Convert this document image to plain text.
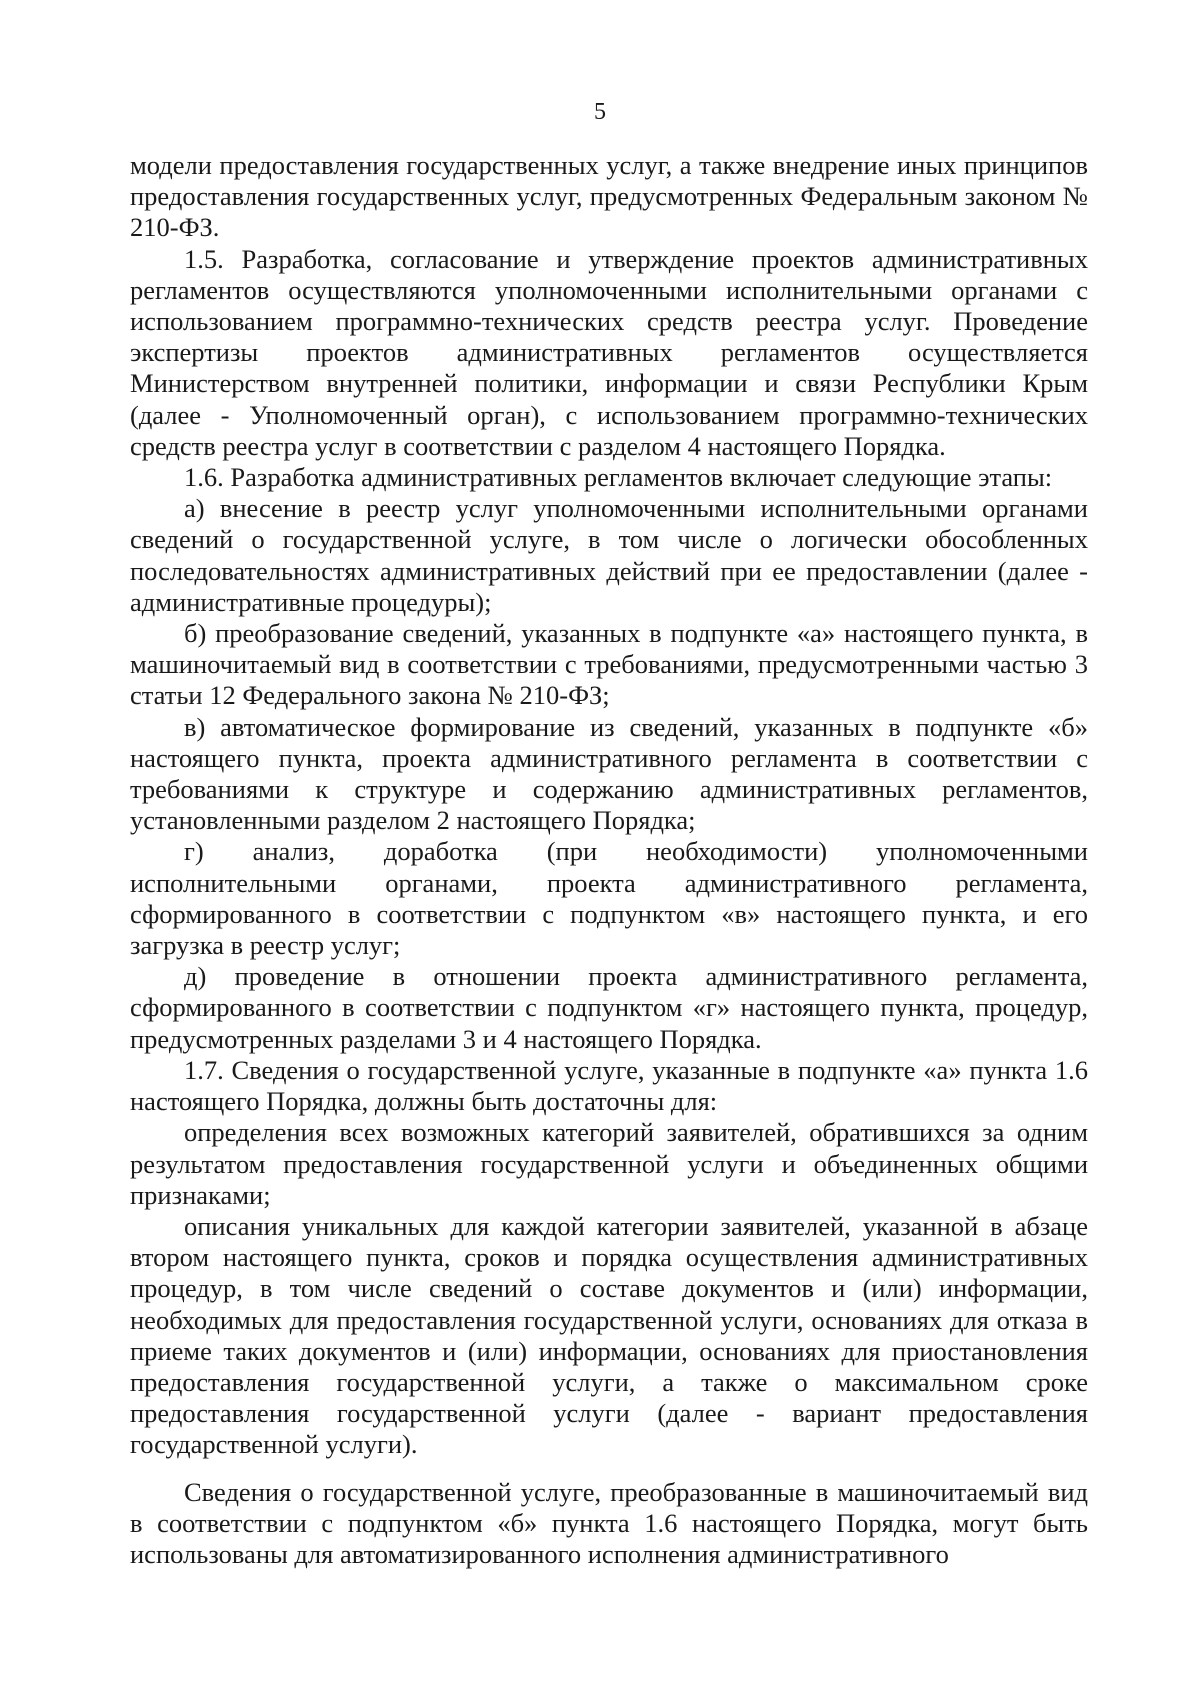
5

модели предоставления государственных услуг, а также внедрение иных принципов предоставления государственных услуг, предусмотренных Федеральным законом № 210-ФЗ.

1.5. Разработка, согласование и утверждение проектов административных регламентов осуществляются уполномоченными исполнительными органами с использованием программно-технических средств реестра услуг. Проведение экспертизы проектов административных регламентов осуществляется Министерством внутренней политики, информации и связи Республики Крым (далее - Уполномоченный орган), с использованием программно-технических средств реестра услуг в соответствии с разделом 4 настоящего Порядка.

1.6. Разработка административных регламентов включает следующие этапы:

а) внесение в реестр услуг уполномоченными исполнительными органами сведений о государственной услуге, в том числе о логически обособленных последовательностях административных действий при ее предоставлении (далее - административные процедуры);

б) преобразование сведений, указанных в подпункте «а» настоящего пункта, в машиночитаемый вид в соответствии с требованиями, предусмотренными частью 3 статьи 12 Федерального закона № 210-ФЗ;

в) автоматическое формирование из сведений, указанных в подпункте «б» настоящего пункта, проекта административного регламента в соответствии с требованиями к структуре и содержанию административных регламентов, установленными разделом 2 настоящего Порядка;

г) анализ, доработка (при необходимости) уполномоченными исполнительными органами, проекта административного регламента, сформированного в соответствии с подпунктом «в» настоящего пункта, и его загрузка в реестр услуг;

д) проведение в отношении проекта административного регламента, сформированного в соответствии с подпунктом «г» настоящего пункта, процедур, предусмотренных разделами 3 и 4 настоящего Порядка.

1.7. Сведения о государственной услуге, указанные в подпункте «а» пункта 1.6 настоящего Порядка, должны быть достаточны для:

определения всех возможных категорий заявителей, обратившихся за одним результатом предоставления государственной услуги и объединенных общими признаками;

описания уникальных для каждой категории заявителей, указанной в абзаце втором настоящего пункта, сроков и порядка осуществления административных процедур, в том числе сведений о составе документов и (или) информации, необходимых для предоставления государственной услуги, основаниях для отказа в приеме таких документов и (или) информации, основаниях для приостановления предоставления государственной услуги, а также о максимальном сроке предоставления государственной услуги (далее - вариант предоставления государственной услуги).

Сведения о государственной услуге, преобразованные в машиночитаемый вид в соответствии с подпунктом «б» пункта 1.6 настоящего Порядка, могут быть использованы для автоматизированного исполнения административного
